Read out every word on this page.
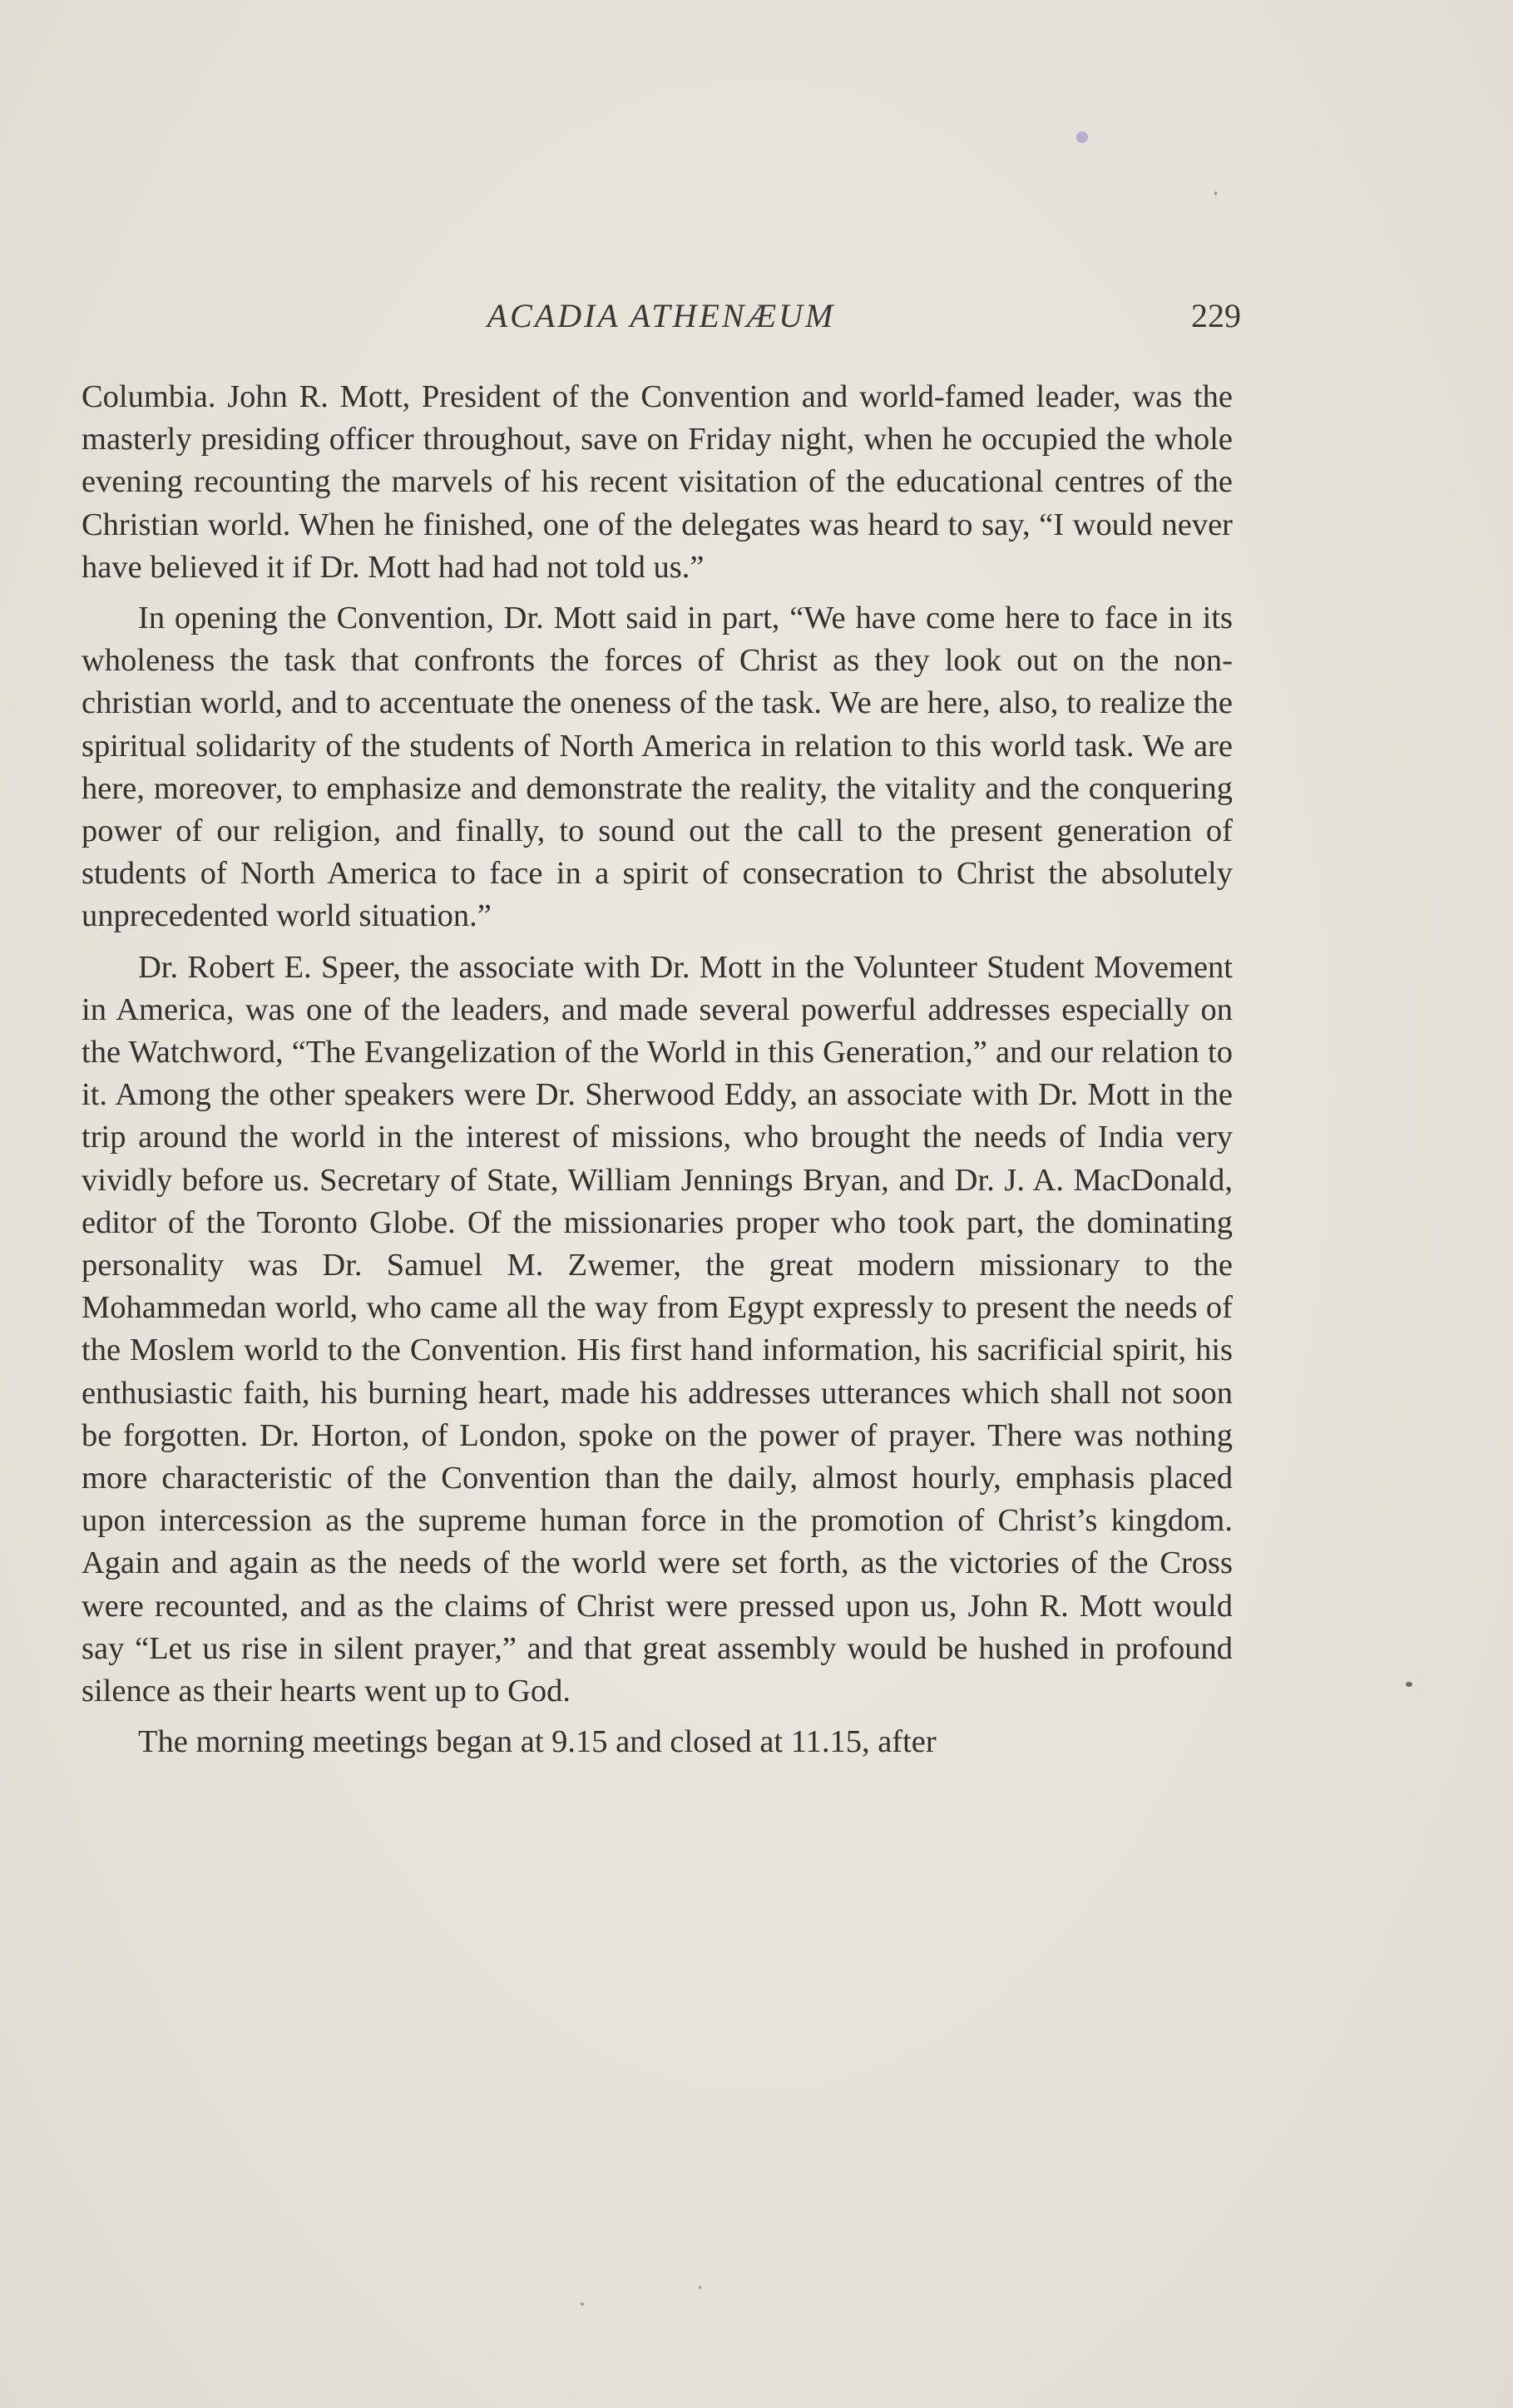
ACADIA ATHENÆUM	229

Columbia. John R. Mott, President of the Convention and world-famed leader, was the masterly presiding officer throughout, save on Friday night, when he occupied the whole evening recounting the marvels of his recent visitation of the educational centres of the Christian world. When he finished, one of the delegates was heard to say, “I would never have believed it if Dr. Mott had had not told us.”

In opening the Convention, Dr. Mott said in part, “We have come here to face in its wholeness the task that confronts the forces of Christ as they look out on the non-christian world, and to accentuate the oneness of the task. We are here, also, to realize the spiritual solidarity of the students of North America in relation to this world task. We are here, moreover, to emphasize and demonstrate the reality, the vitality and the conquering power of our religion, and finally, to sound out the call to the present generation of students of North America to face in a spirit of consecration to Christ the absolutely unprecedented world situation.”

Dr. Robert E. Speer, the associate with Dr. Mott in the Volunteer Student Movement in America, was one of the leaders, and made several powerful addresses especially on the Watchword, “The Evangelization of the World in this Generation,” and our relation to it. Among the other speakers were Dr. Sherwood Eddy, an associate with Dr. Mott in the trip around the world in the interest of missions, who brought the needs of India very vividly before us. Secretary of State, William Jennings Bryan, and Dr. J. A. MacDonald, editor of the Toronto Globe. Of the missionaries proper who took part, the dominating personality was Dr. Samuel M. Zwemer, the great modern missionary to the Mohammedan world, who came all the way from Egypt expressly to present the needs of the Moslem world to the Convention. His first hand information, his sacrificial spirit, his enthusiastic faith, his burning heart, made his addresses utterances which shall not soon be forgotten. Dr. Horton, of London, spoke on the power of prayer. There was nothing more characteristic of the Convention than the daily, almost hourly, emphasis placed upon intercession as the supreme human force in the promotion of Christ’s kingdom. Again and again as the needs of the world were set forth, as the victories of the Cross were recounted, and as the claims of Christ were pressed upon us, John R. Mott would say “Let us rise in silent prayer,” and that great assembly would be hushed in profound silence as their hearts went up to God.

The morning meetings began at 9.15 and closed at 11.15, after
